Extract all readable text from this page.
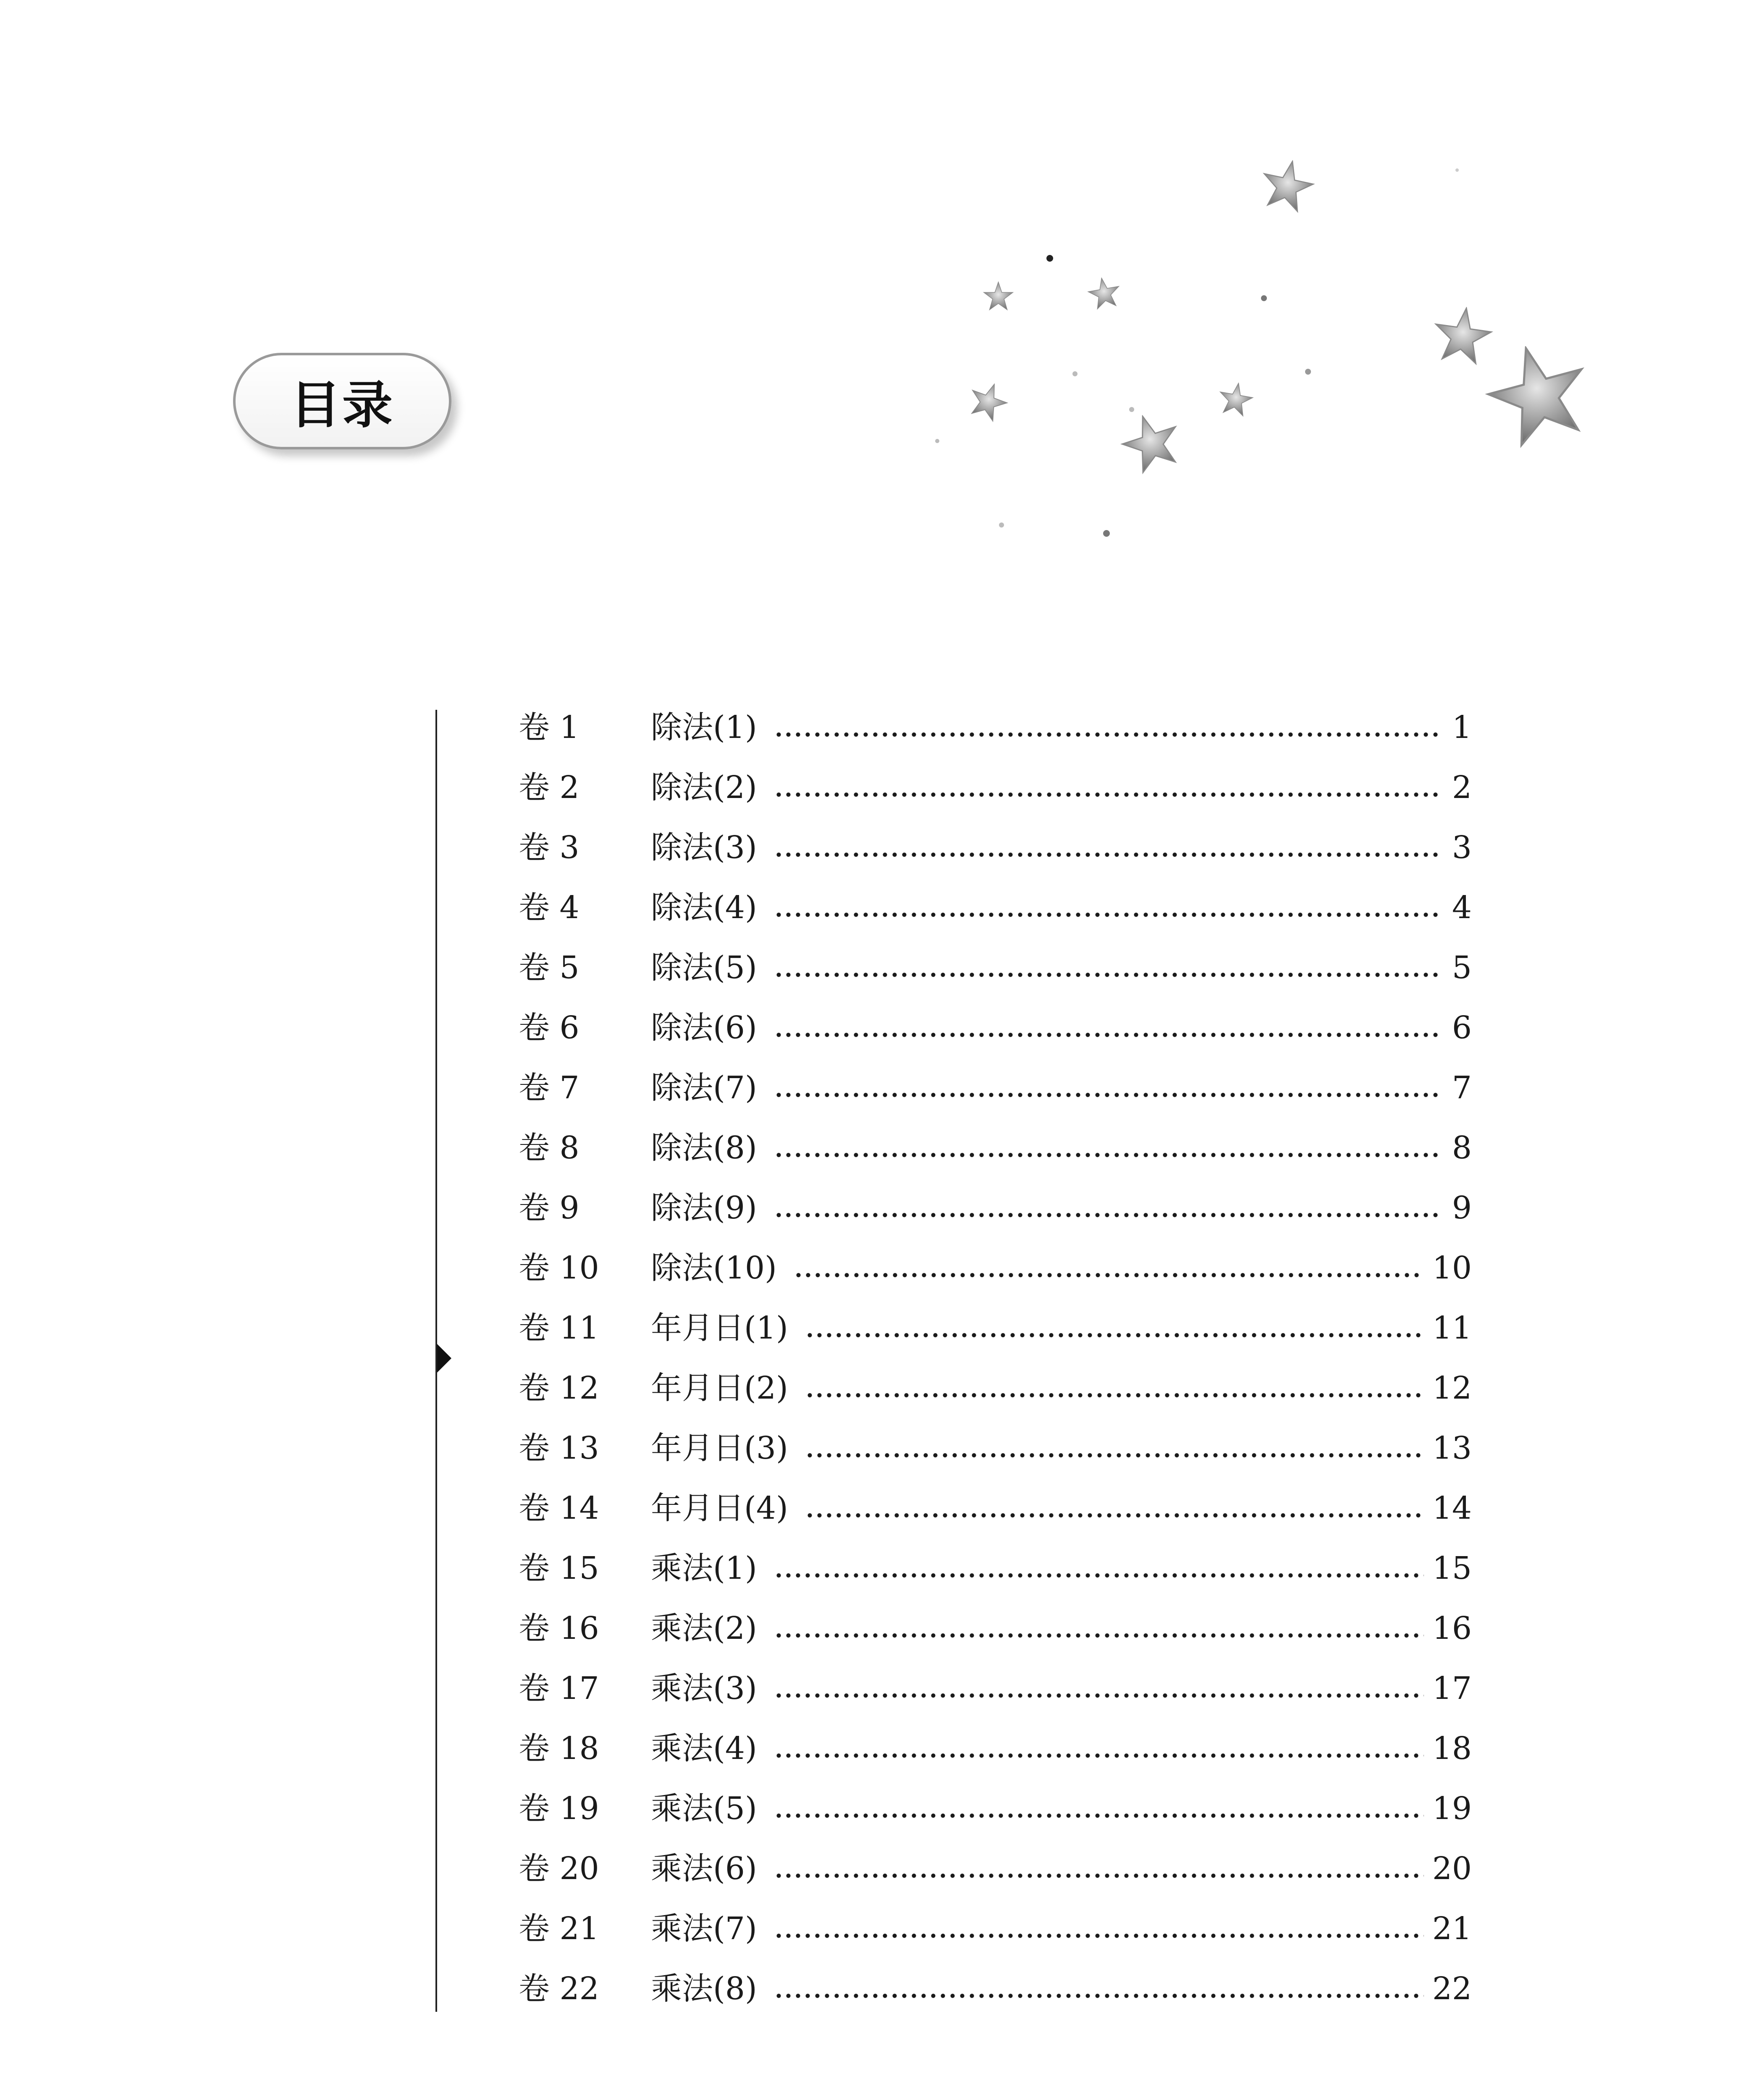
目录
卷 1	除法(1)	1
卷 2	除法(2)	2
卷 3	除法(3)	3
卷 4	除法(4)	4
卷 5	除法(5)	5
卷 6	除法(6)	6
卷 7	除法(7)	7
卷 8	除法(8)	8
卷 9	除法(9)	9
卷 10	除法(10)	10
卷 11	年月日(1)	11
卷 12	年月日(2)	12
卷 13	年月日(3)	13
卷 14	年月日(4)	14
卷 15	乘法(1)	15
卷 16	乘法(2)	16
卷 17	乘法(3)	17
卷 18	乘法(4)	18
卷 19	乘法(5)	19
卷 20	乘法(6)	20
卷 21	乘法(7)	21
卷 22	乘法(8)	22
